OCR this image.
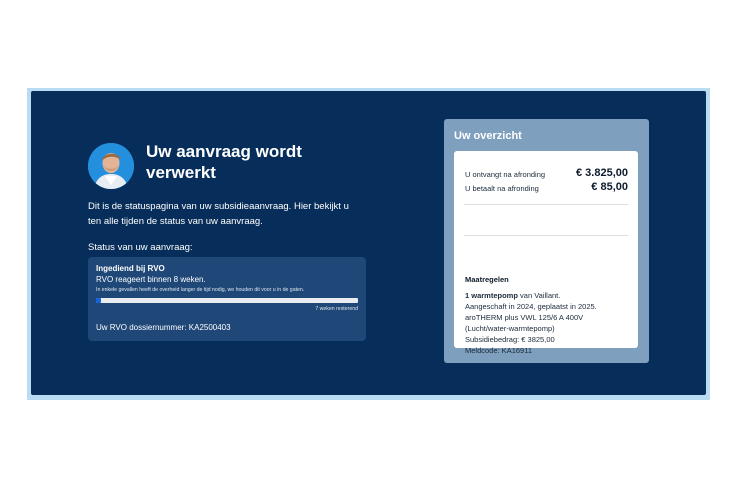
Uw aanvraag wordt verwerkt

Dit is de statuspagina van uw subsidieaanvraag. Hier bekijkt u ten alle tijden de status van uw aanvraag.

Status van uw aanvraag:

Ingediend bij RVO
RVO reageert binnen 8 weken.
In enkele gevallen heeft de overheid langer de tijd nodig, we houden dit voor u in de gaten.
7 weken resterend
Uw RVO dossiernummer: KA2500403
Uw overzicht
U ontvangt na afronding	€ 3.825,00
U betaalt na afronding	€ 85,00
Maatregelen
1 warmtepomp van Vaillant.
Aangeschaft in 2024, geplaatst in 2025.
aroTHERM plus VWL 125/6 A 400V
(Lucht/water-warmtepomp)
Subsidiebedrag: € 3825,00
Meldcode: KA16911
